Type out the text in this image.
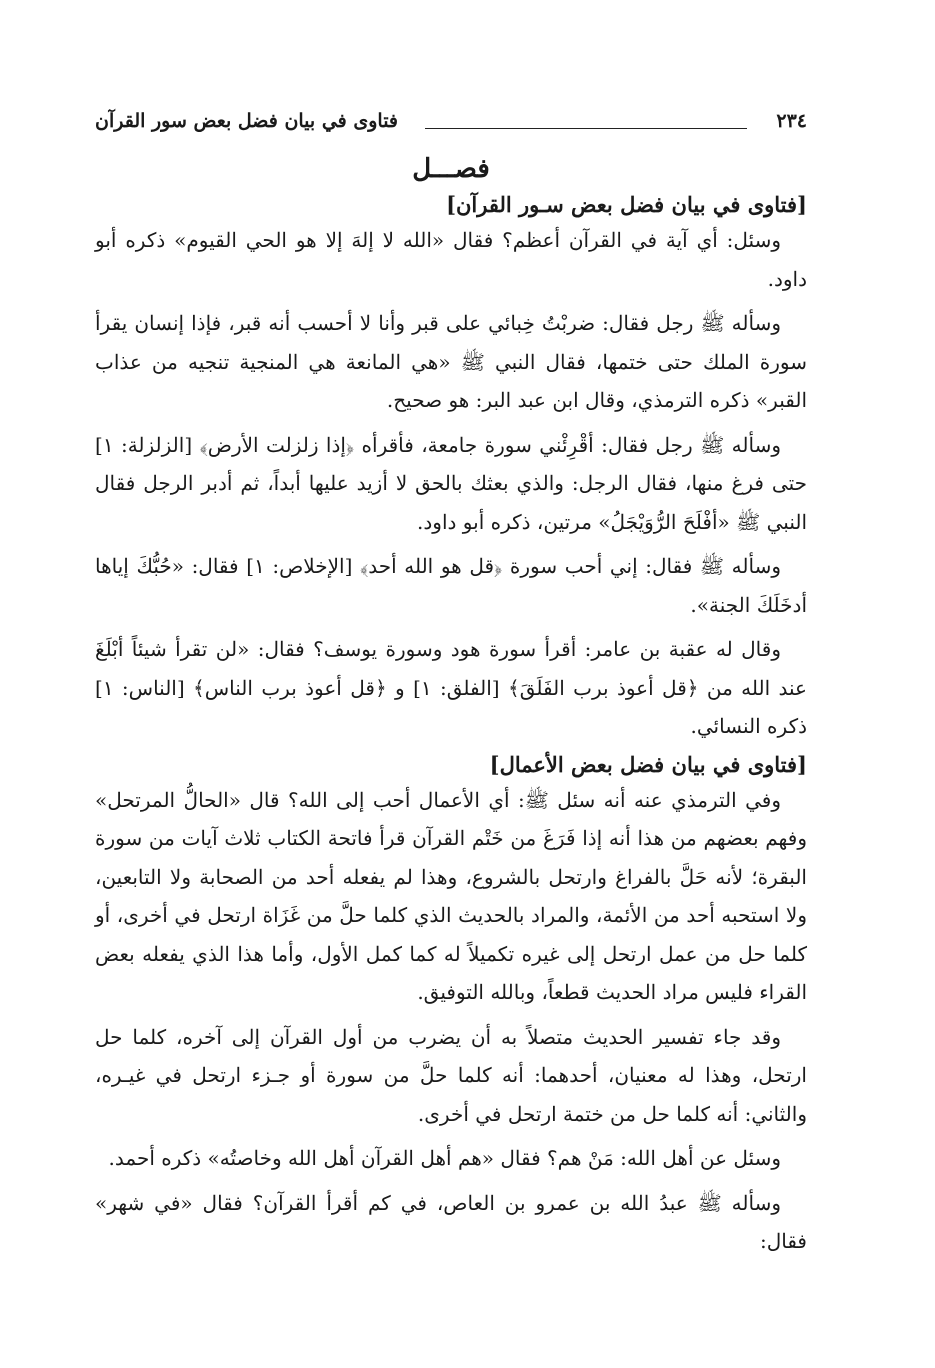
٢٣٤
فتاوى في بيان فضل بعض سور القرآن
فصـــل
[فتاوى في بيان فضل بعض سـور القرآن]

وسئل: أي آية في القرآن أعظم؟ فقال «الله لا إلهَ إلا هو الحي القيوم» ذكره أبو داود.

وسأله ﷺ رجل فقال: ضربْتُ خِبائي على قبر وأنا لا أحسب أنه قبر، فإذا إنسان يقرأ سورة الملك حتى ختمها، فقال النبي ﷺ «هي المانعة هي المنجية تنجيه من عذاب القبر» ذكره الترمذي، وقال ابن عبد البر: هو صحيح.

وسأله ﷺ رجل فقال: أقْرِئْني سورة جامعة، فأقرأه ﴿إذا زلزلت الأرض﴾ [الزلزلة: ١] حتى فرغ منها، فقال الرجل: والذي بعثك بالحق لا أزيد عليها أبداً، ثم أدبر الرجل فقال النبي ﷺ «أفْلَحَ الرُّوَيْجَلُ» مرتين، ذكره أبو داود.

وسأله ﷺ فقال: إني أحب سورة ﴿قل هو الله أحد﴾ [الإخلاص: ١] فقال: «حُبُّكَ إياها أدخَلَكَ الجنة».

وقال له عقبة بن عامر: أقرأ سورة هود وسورة يوسف؟ فقال: «لن تقرأ شيئاً أبْلَغَ عند الله من ﴿قل أعوذ برب الفَلَقَ﴾ [الفلق: ١] و ﴿قل أعوذ برب الناس﴾ [الناس: ١] ذكره النسائي.

[فتاوى في بيان فضل بعض الأعمال]

وفي الترمذي عنه أنه سئل ﷺ: أي الأعمال أحب إلى الله؟ قال «الحالُّ المرتحل» وفهم بعضهم من هذا أنه إذا فَرَغَ من خَتْم القرآن قرأ فاتحة الكتاب ثلاث آيات من سورة البقرة؛ لأنه حَلَّ بالفراغ وارتحل بالشروع، وهذا لم يفعله أحد من الصحابة ولا التابعين، ولا استحبه أحد من الأئمة، والمراد بالحديث الذي كلما حلَّ من غَزَاة ارتحل في أخرى، أو كلما حل من عمل ارتحل إلى غيره تكميلاً له كما كمل الأول، وأما هذا الذي يفعله بعض القراء فليس مراد الحديث قطعاً، وبالله التوفيق.

وقد جاء تفسير الحديث متصلاً به أن يضرب من أول القرآن إلى آخره، كلما حل ارتحل، وهذا له معنيان، أحدهما: أنه كلما حلَّ من سورة أو جـزء ارتحل في غيـره، والثاني: أنه كلما حل من ختمة ارتحل في أخرى.

وسئل عن أهل الله: مَنْ هم؟ فقال «هم أهل القرآن أهل الله وخاصتُه» ذكره أحمد.

وسأله ﷺ عبدُ الله بن عمرو بن العاص، في كم أقرأ القرآن؟ فقال «في شهر» فقال:
